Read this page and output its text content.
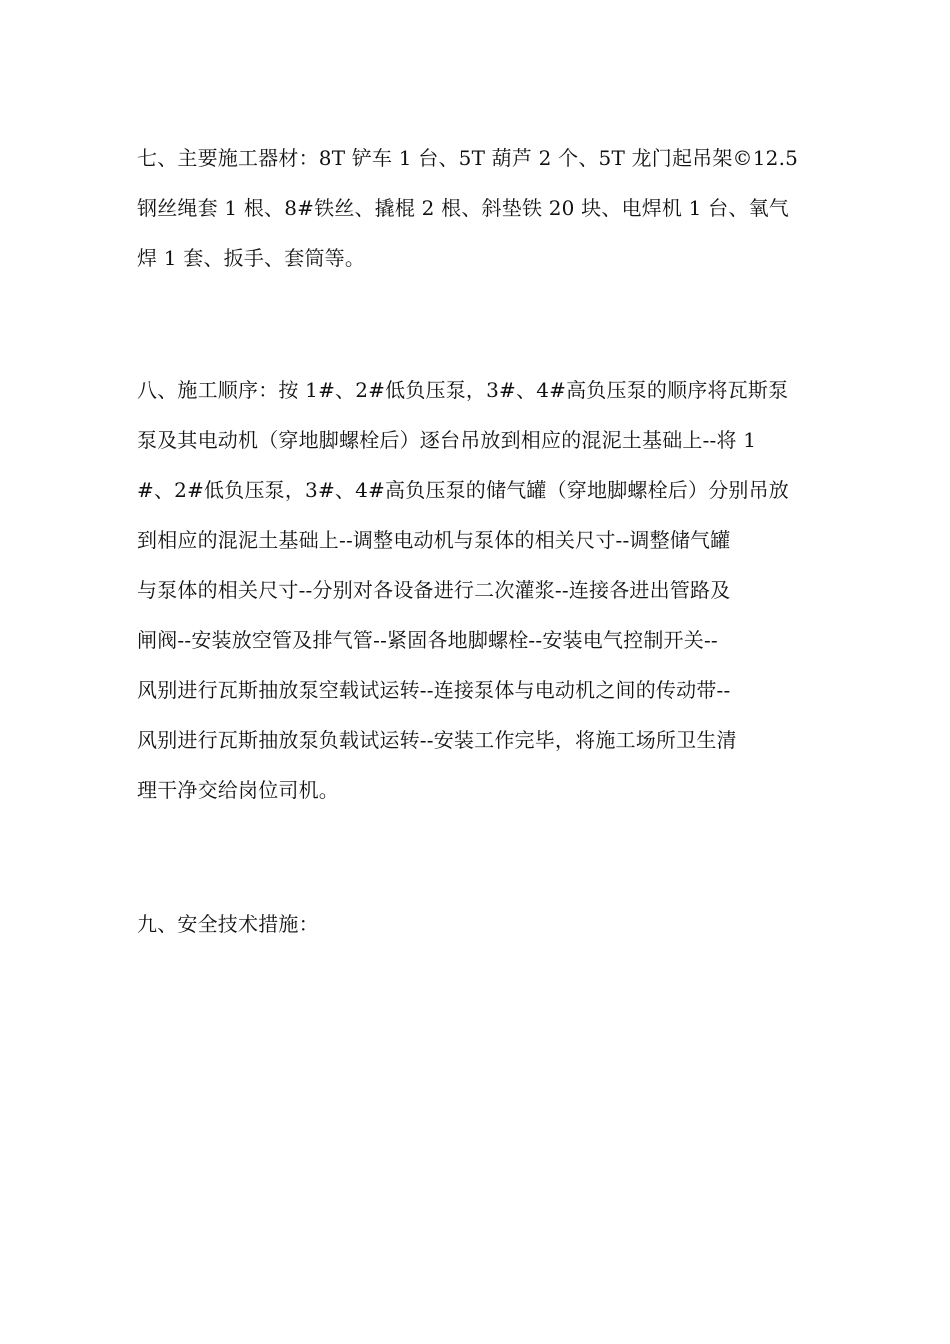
七、主要施工器材：8T 铲车 1 台、5T 葫芦 2 个、5T 龙门起吊架©12.5
钢丝绳套 1 根、8#铁丝、撬棍 2 根、斜垫铁 20 块、电焊机 1 台、氧气
焊 1 套、扳手、套筒等。
八、施工顺序：按 1#、2#低负压泵，3#、4#高负压泵的顺序将瓦斯泵
泵及其电动机（穿地脚螺栓后）逐台吊放到相应的混泥土基础上--将 1
#、2#低负压泵，3#、4#高负压泵的储气罐（穿地脚螺栓后）分别吊放
到相应的混泥土基础上--调整电动机与泵体的相关尺寸--调整储气罐
与泵体的相关尺寸--分别对各设备进行二次灌浆--连接各进出管路及
闸阀--安装放空管及排气管--紧固各地脚螺栓--安装电气控制开关--
风别进行瓦斯抽放泵空载试运转--连接泵体与电动机之间的传动带--
风别进行瓦斯抽放泵负载试运转--安装工作完毕，将施工场所卫生清
理干净交给岗位司机。
九、安全技术措施：
